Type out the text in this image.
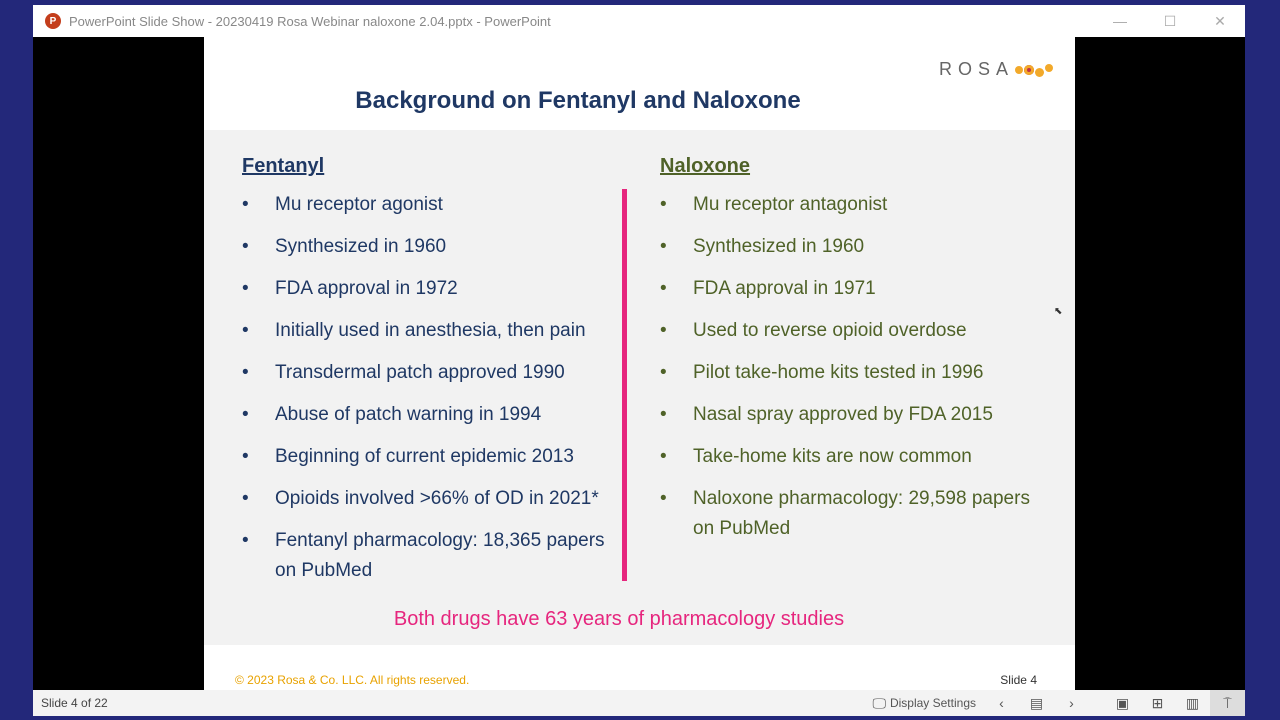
P PowerPoint Slide Show - 20230419 Rosa Webinar naloxone 2.04.pptx - PowerPoint	—	☐	✕
Background on Fentanyl and Naloxone
ROSA
Fentanyl
• Mu receptor agonist
• Synthesized in 1960
• FDA approval in 1972
• Initially used in anesthesia, then pain
• Transdermal patch approved 1990
• Abuse of patch warning in 1994
• Beginning of current epidemic 2013
• Opioids involved >66% of OD in 2021*
• Fentanyl pharmacology: 18,365 papers on PubMed
Naloxone
• Mu receptor antagonist
• Synthesized in 1960
• FDA approval in 1971
• Used to reverse opioid overdose
• Pilot take-home kits tested in 1996
• Nasal spray approved by FDA 2015
• Take-home kits are now common
• Naloxone pharmacology: 29,598 papers on PubMed
Both drugs have 63 years of pharmacology studies
© 2023 Rosa & Co. LLC. All rights reserved.	Slide 4
Slide 4 of 22	🖵 Display Settings	‹	▤	›	▣	⊞	▥	⍑
⬉
